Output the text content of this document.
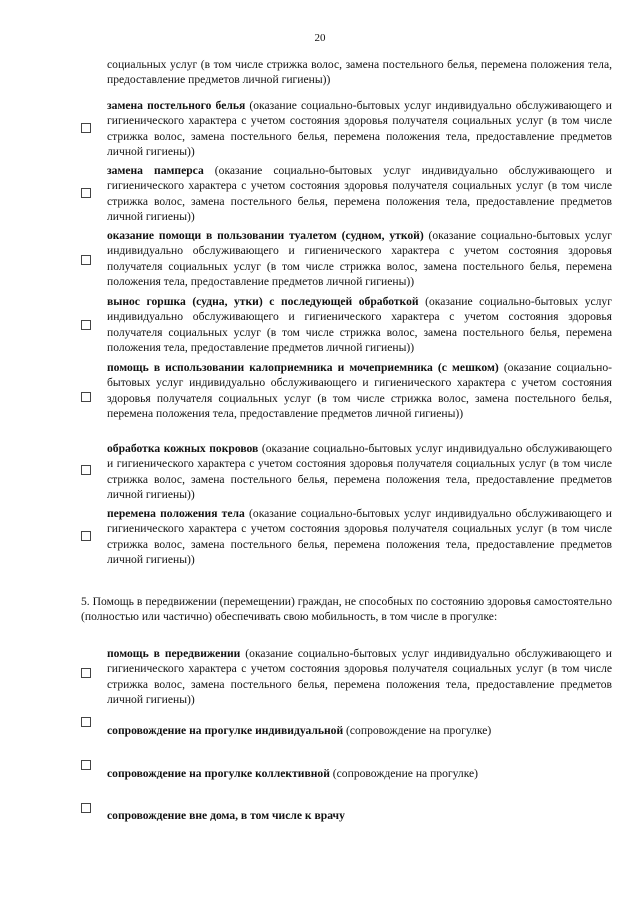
20
социальных услуг (в том числе стрижка волос, замена постельного белья, перемена положения тела, предоставление предметов личной гигиены))
замена постельного белья (оказание социально-бытовых услуг индивидуально обслуживающего и гигиенического характера с учетом состояния здоровья получателя социальных услуг (в том числе стрижка волос, замена постельного белья, перемена положения тела, предоставление предметов личной гигиены))
замена памперса (оказание социально-бытовых услуг индивидуально обслуживающего и гигиенического характера с учетом состояния здоровья получателя социальных услуг (в том числе стрижка волос, замена постельного белья, перемена положения тела, предоставление предметов личной гигиены))
оказание помощи в пользовании туалетом (судном, уткой) (оказание социально-бытовых услуг индивидуально обслуживающего и гигиенического характера с учетом состояния здоровья получателя социальных услуг (в том числе стрижка волос, замена постельного белья, перемена положения тела, предоставление предметов личной гигиены))
вынос горшка (судна, утки) с последующей обработкой (оказание социально-бытовых услуг индивидуально обслуживающего и гигиенического характера с учетом состояния здоровья получателя социальных услуг (в том числе стрижка волос, замена постельного белья, перемена положения тела, предоставление предметов личной гигиены))
помощь в использовании калоприемника и мочеприемника (с мешком) (оказание социально-бытовых услуг индивидуально обслуживающего и гигиенического характера с учетом состояния здоровья получателя социальных услуг (в том числе стрижка волос, замена постельного белья, перемена положения тела, предоставление предметов личной гигиены))
обработка кожных покровов (оказание социально-бытовых услуг индивидуально обслуживающего и гигиенического характера с учетом состояния здоровья получателя социальных услуг (в том числе стрижка волос, замена постельного белья, перемена положения тела, предоставление предметов личной гигиены))
перемена положения тела (оказание социально-бытовых услуг индивидуально обслуживающего и гигиенического характера с учетом состояния здоровья получателя социальных услуг (в том числе стрижка волос, замена постельного белья, перемена положения тела, предоставление предметов личной гигиены))
5. Помощь в передвижении (перемещении) граждан, не способных по состоянию здоровья самостоятельно (полностью или частично) обеспечивать свою мобильность, в том числе в прогулке:
помощь в передвижении (оказание социально-бытовых услуг индивидуально обслуживающего и гигиенического характера с учетом состояния здоровья получателя социальных услуг (в том числе стрижка волос, замена постельного белья, перемена положения тела, предоставление предметов личной гигиены))
сопровождение на прогулке индивидуальной (сопровождение на прогулке)
сопровождение на прогулке коллективной (сопровождение на прогулке)
сопровождение вне дома, в том числе к врачу
